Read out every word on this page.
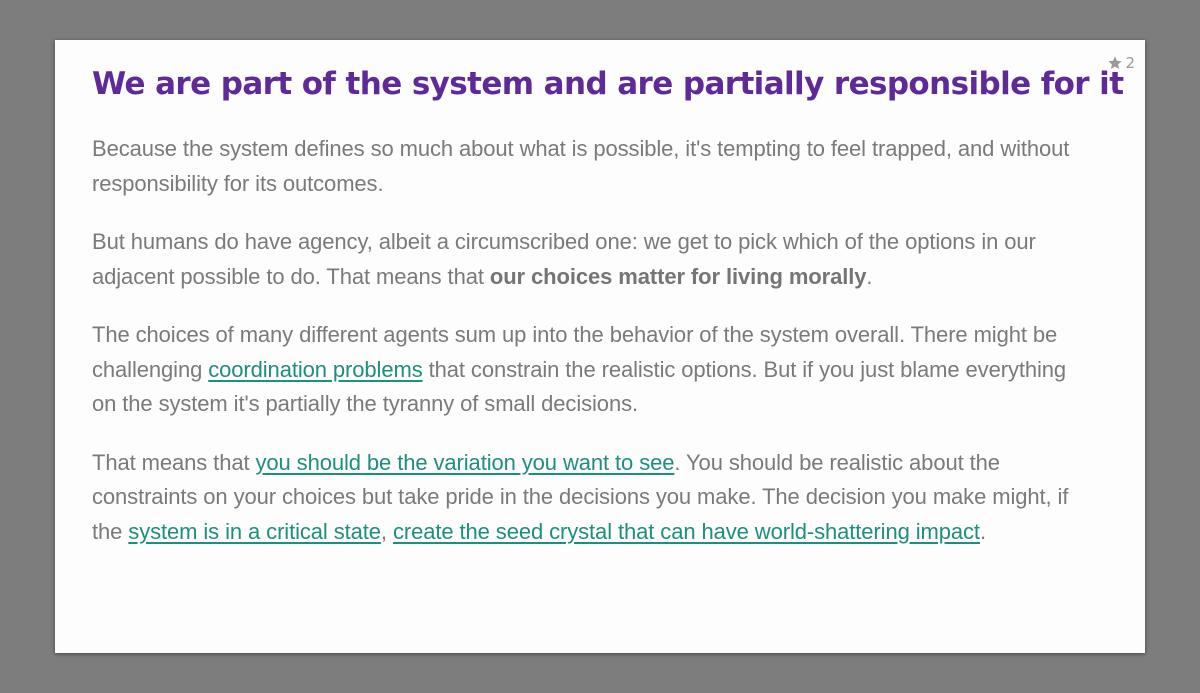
2
We are part of the system and are partially responsible for it

Because the system defines so much about what is possible, it's tempting to feel trapped, and without responsibility for its outcomes.

But humans do have agency, albeit a circumscribed one: we get to pick which of the options in our adjacent possible to do. That means that our choices matter for living morally.

The choices of many different agents sum up into the behavior of the system overall. There might be challenging coordination problems that constrain the realistic options. But if you just blame everything on the system it's partially the tyranny of small decisions.

That means that you should be the variation you want to see. You should be realistic about the constraints on your choices but take pride in the decisions you make. The decision you make might, if the system is in a critical state, create the seed crystal that can have world-shattering impact.
